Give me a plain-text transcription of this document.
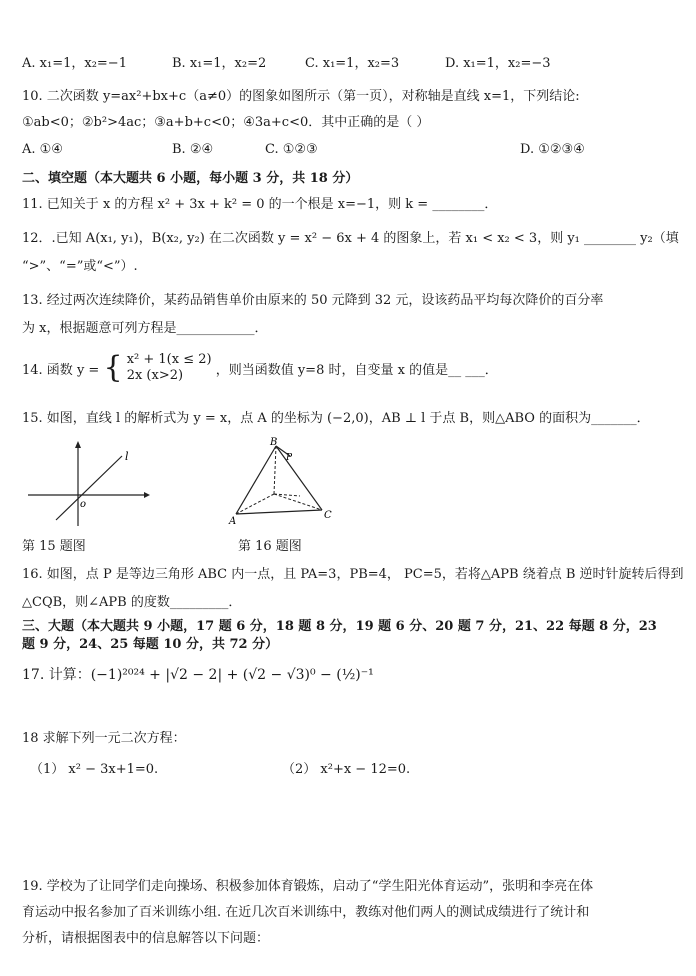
A. x₁=1，x₂=−1	B. x₁=1，x₂=2	C. x₁=1，x₂=3	D. x₁=1，x₂=−3
10. 二次函数 y=ax²+bx+c（a≠0）的图象如图所示（第一页），对称轴是直线 x=1，下列结论:
①ab<0；②b²>4ac；③a+b+c<0；④3a+c<0．其中正确的是（ ）
A. ①④	B. ②④	C. ①②③	D. ①②③④
二、填空题（本大题共 6 小题，每小题 3 分，共 18 分）
11. 已知关于 x 的方程 x² + 3x + k² = 0 的一个根是 x=−1，则 k = ________．
12．.已知 A(x₁, y₁)，B(x₂, y₂) 在二次函数 y = x² − 6x + 4 的图象上，若 x₁ < x₂ < 3，则 y₁ ________ y₂（填
“>”、“=”或“<”）.
13. 经过两次连续降价，某药品销售单价由原来的 50 元降到 32 元，设该药品平均每次降价的百分率
为 x，根据题意可列方程是____________．
14. 函数 y = { x² + 1(x ≤ 2)
2x (x>2)	，则当函数值 y=8 时，自变量 x 的值是__ ___．
15. 如图，直线 l 的解析式为 y = x，点 A 的坐标为 (−2,0)，AB ⊥ l 于点 B，则△ABO 的面积为_______．
l
o
第 15 题图
B
P
A
C
第 16 题图
16. 如图，点 P 是等边三角形 ABC 内一点，且 PA=3，PB=4， PC=5，若将△APB 绕着点 B 逆时针旋转后得到
△CQB，则∠APB 的度数_________．
三、大题（本大题共 9 小题，17 题 6 分，18 题 8 分，19 题 6 分、20 题 7 分，21、22 每题 8 分，23
题 9 分，24、25 每题 10 分，共 72 分）
17. 计算：(−1)²⁰²⁴ + |√2 − 2| + (√2 − √3)⁰ − (½)⁻¹
18 求解下列一元二次方程：
（1） x² − 3x+1=0.	（2） x²+x − 12=0.
19. 学校为了让同学们走向操场、积极参加体育锻炼，启动了“学生阳光体育运动”，张明和李亮在体
育运动中报名参加了百米训练小组. 在近几次百米训练中，教练对他们两人的测试成绩进行了统计和
分析，请根据图表中的信息解答以下问题：
